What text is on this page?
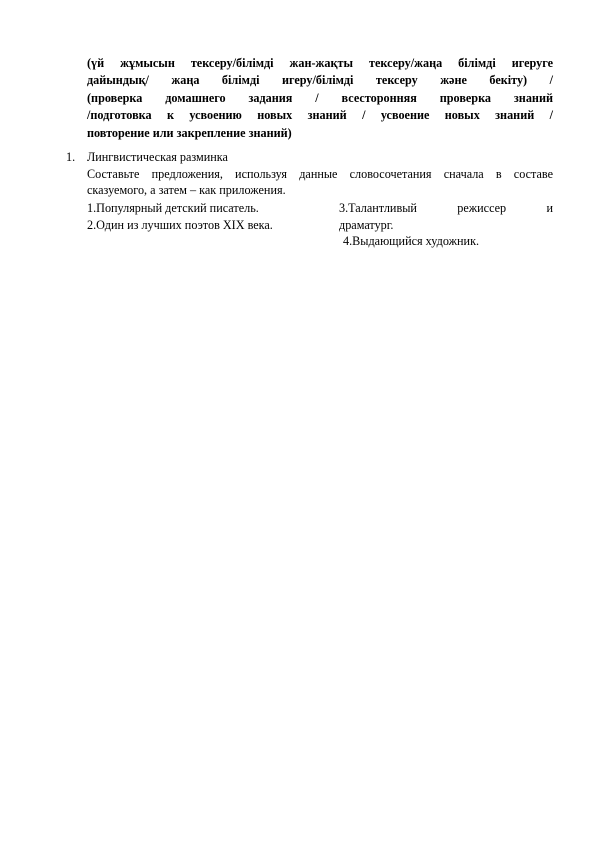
(үй жұмысын тексеру/білімді жан-жақты тексеру/жаңа білімді игеруге
дайындық/ жаңа білімді игеру/білімді тексеру және бекіту) /
(проверка домашнего задания / всесторонняя проверка знаний
/подготовка к усвоению новых знаний / усвоение новых знаний /
повторение или закрепление знаний)
1. Лингвистическая разминка
Составьте предложения, используя данные словосочетания сначала в составе
сказуемого, а затем – как приложения.
1.Популярный детский писатель.
2.Один из лучших поэтов XIX века.
3.Талантливый режиссер и
драматург.
4.Выдающийся художник.
